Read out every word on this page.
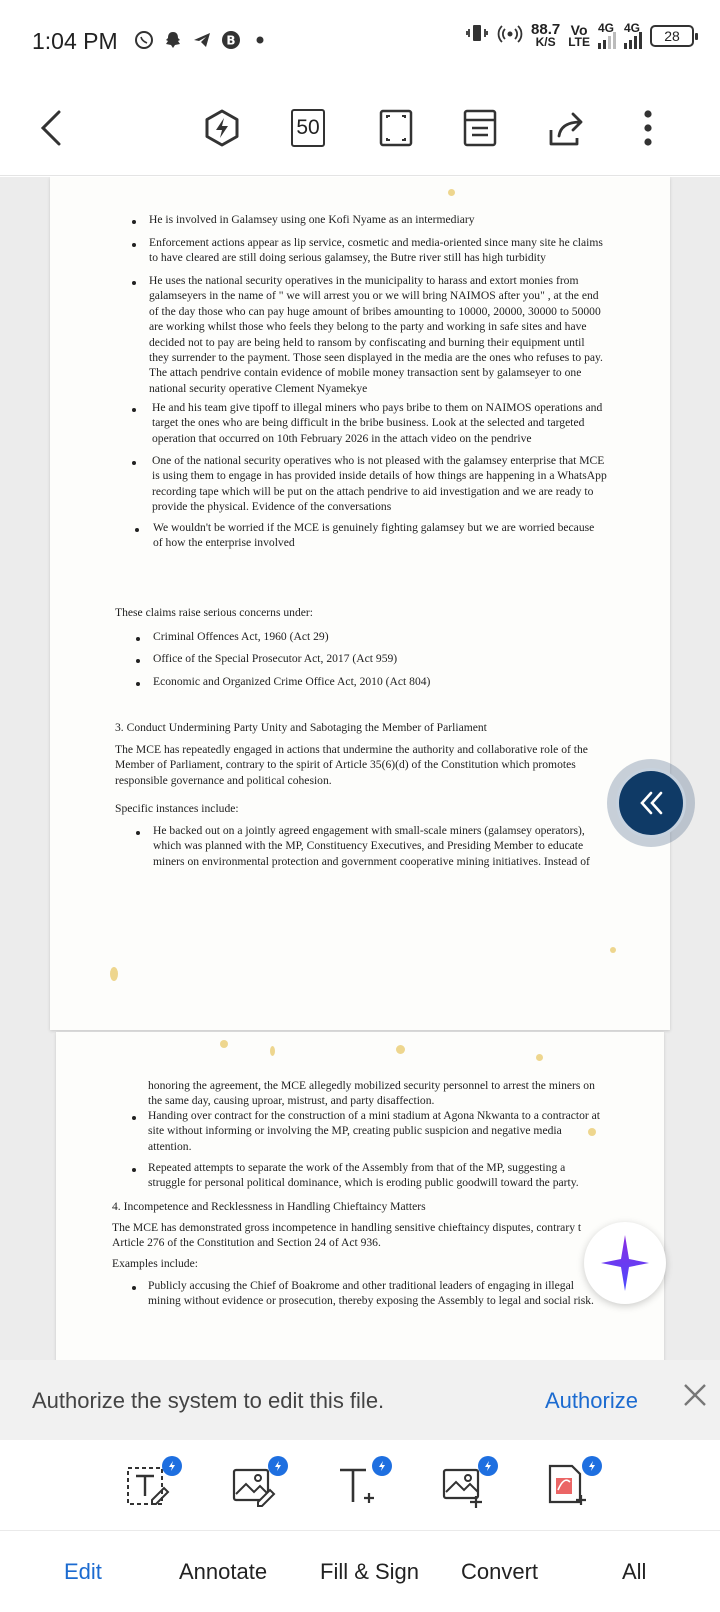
1:04 PM	B
88.7
K/S
Vo
LTE
4G 4G	28
50
He is involved in Galamsey using one Kofi Nyame as an intermediary
Enforcement actions appear as lip service, cosmetic and media-oriented since many site he claims
to have cleared are still doing serious galamsey, the Butre river still has high turbidity
He uses the national security operatives in the municipality to harass and extort monies from
galamseyers in the name of " we will arrest you or we will bring NAIMOS after you" , at the end
of the day those who can pay huge amount of bribes amounting to 10000, 20000, 30000 to 50000
are working whilst those who feels they belong to the party and working in safe sites and have
decided not to pay are being held to ransom by confiscating and burning their equipment until
they surrender to the payment. Those seen displayed in the media are the ones who refuses to pay.
The attach pendrive contain evidence of mobile money transaction sent by galamseyer to one
national security operative Clement Nyamekye
He and his team give tipoff to illegal miners who pays bribe to them on NAIMOS operations and
target the ones who are being difficult in the bribe business. Look at the selected and targeted
operation that occurred on 10th February 2026 in the attach video on the pendrive
One of the national security operatives who is not pleased with the galamsey enterprise that MCE
is using them to engage in has provided inside details of how things are happening in a WhatsApp
recording tape which will be put on the attach pendrive to aid investigation and we are ready to
provide the physical. Evidence of the conversations
We wouldn't be worried if the MCE is genuinely fighting galamsey but we are worried because
of how the enterprise involved
These claims raise serious concerns under:
Criminal Offences Act, 1960 (Act 29)
Office of the Special Prosecutor Act, 2017 (Act 959)
Economic and Organized Crime Office Act, 2010 (Act 804)
3. Conduct Undermining Party Unity and Sabotaging the Member of Parliament
The MCE has repeatedly engaged in actions that undermine the authority and collaborative role of the
Member of Parliament, contrary to the spirit of Article 35(6)(d) of the Constitution which promotes
responsible governance and political cohesion.
Specific instances include:
He backed out on a jointly agreed engagement with small-scale miners (galamsey operators),
which was planned with the MP, Constituency Executives, and Presiding Member to educate
miners on environmental protection and government cooperative mining initiatives. Instead of
honoring the agreement, the MCE allegedly mobilized security personnel to arrest the miners on
the same day, causing uproar, mistrust, and party disaffection.
Handing over contract for the construction of a mini stadium at Agona Nkwanta to a contractor at
site without informing or involving the MP, creating public suspicion and negative media
attention.
Repeated attempts to separate the work of the Assembly from that of the MP, suggesting a
struggle for personal political dominance, which is eroding public goodwill toward the party.
4. Incompetence and Recklessness in Handling Chieftaincy Matters
The MCE has demonstrated gross incompetence in handling sensitive chieftaincy disputes, contrary t
Article 276 of the Constitution and Section 24 of Act 936.
Examples include:
Publicly accusing the Chief of Boakrome and other traditional leaders of engaging in illegal
mining without evidence or prosecution, thereby exposing the Assembly to legal and social risk.
Authorize the system to edit this file.	Authorize
Edit	Annotate Fill & Sign Convert	All
